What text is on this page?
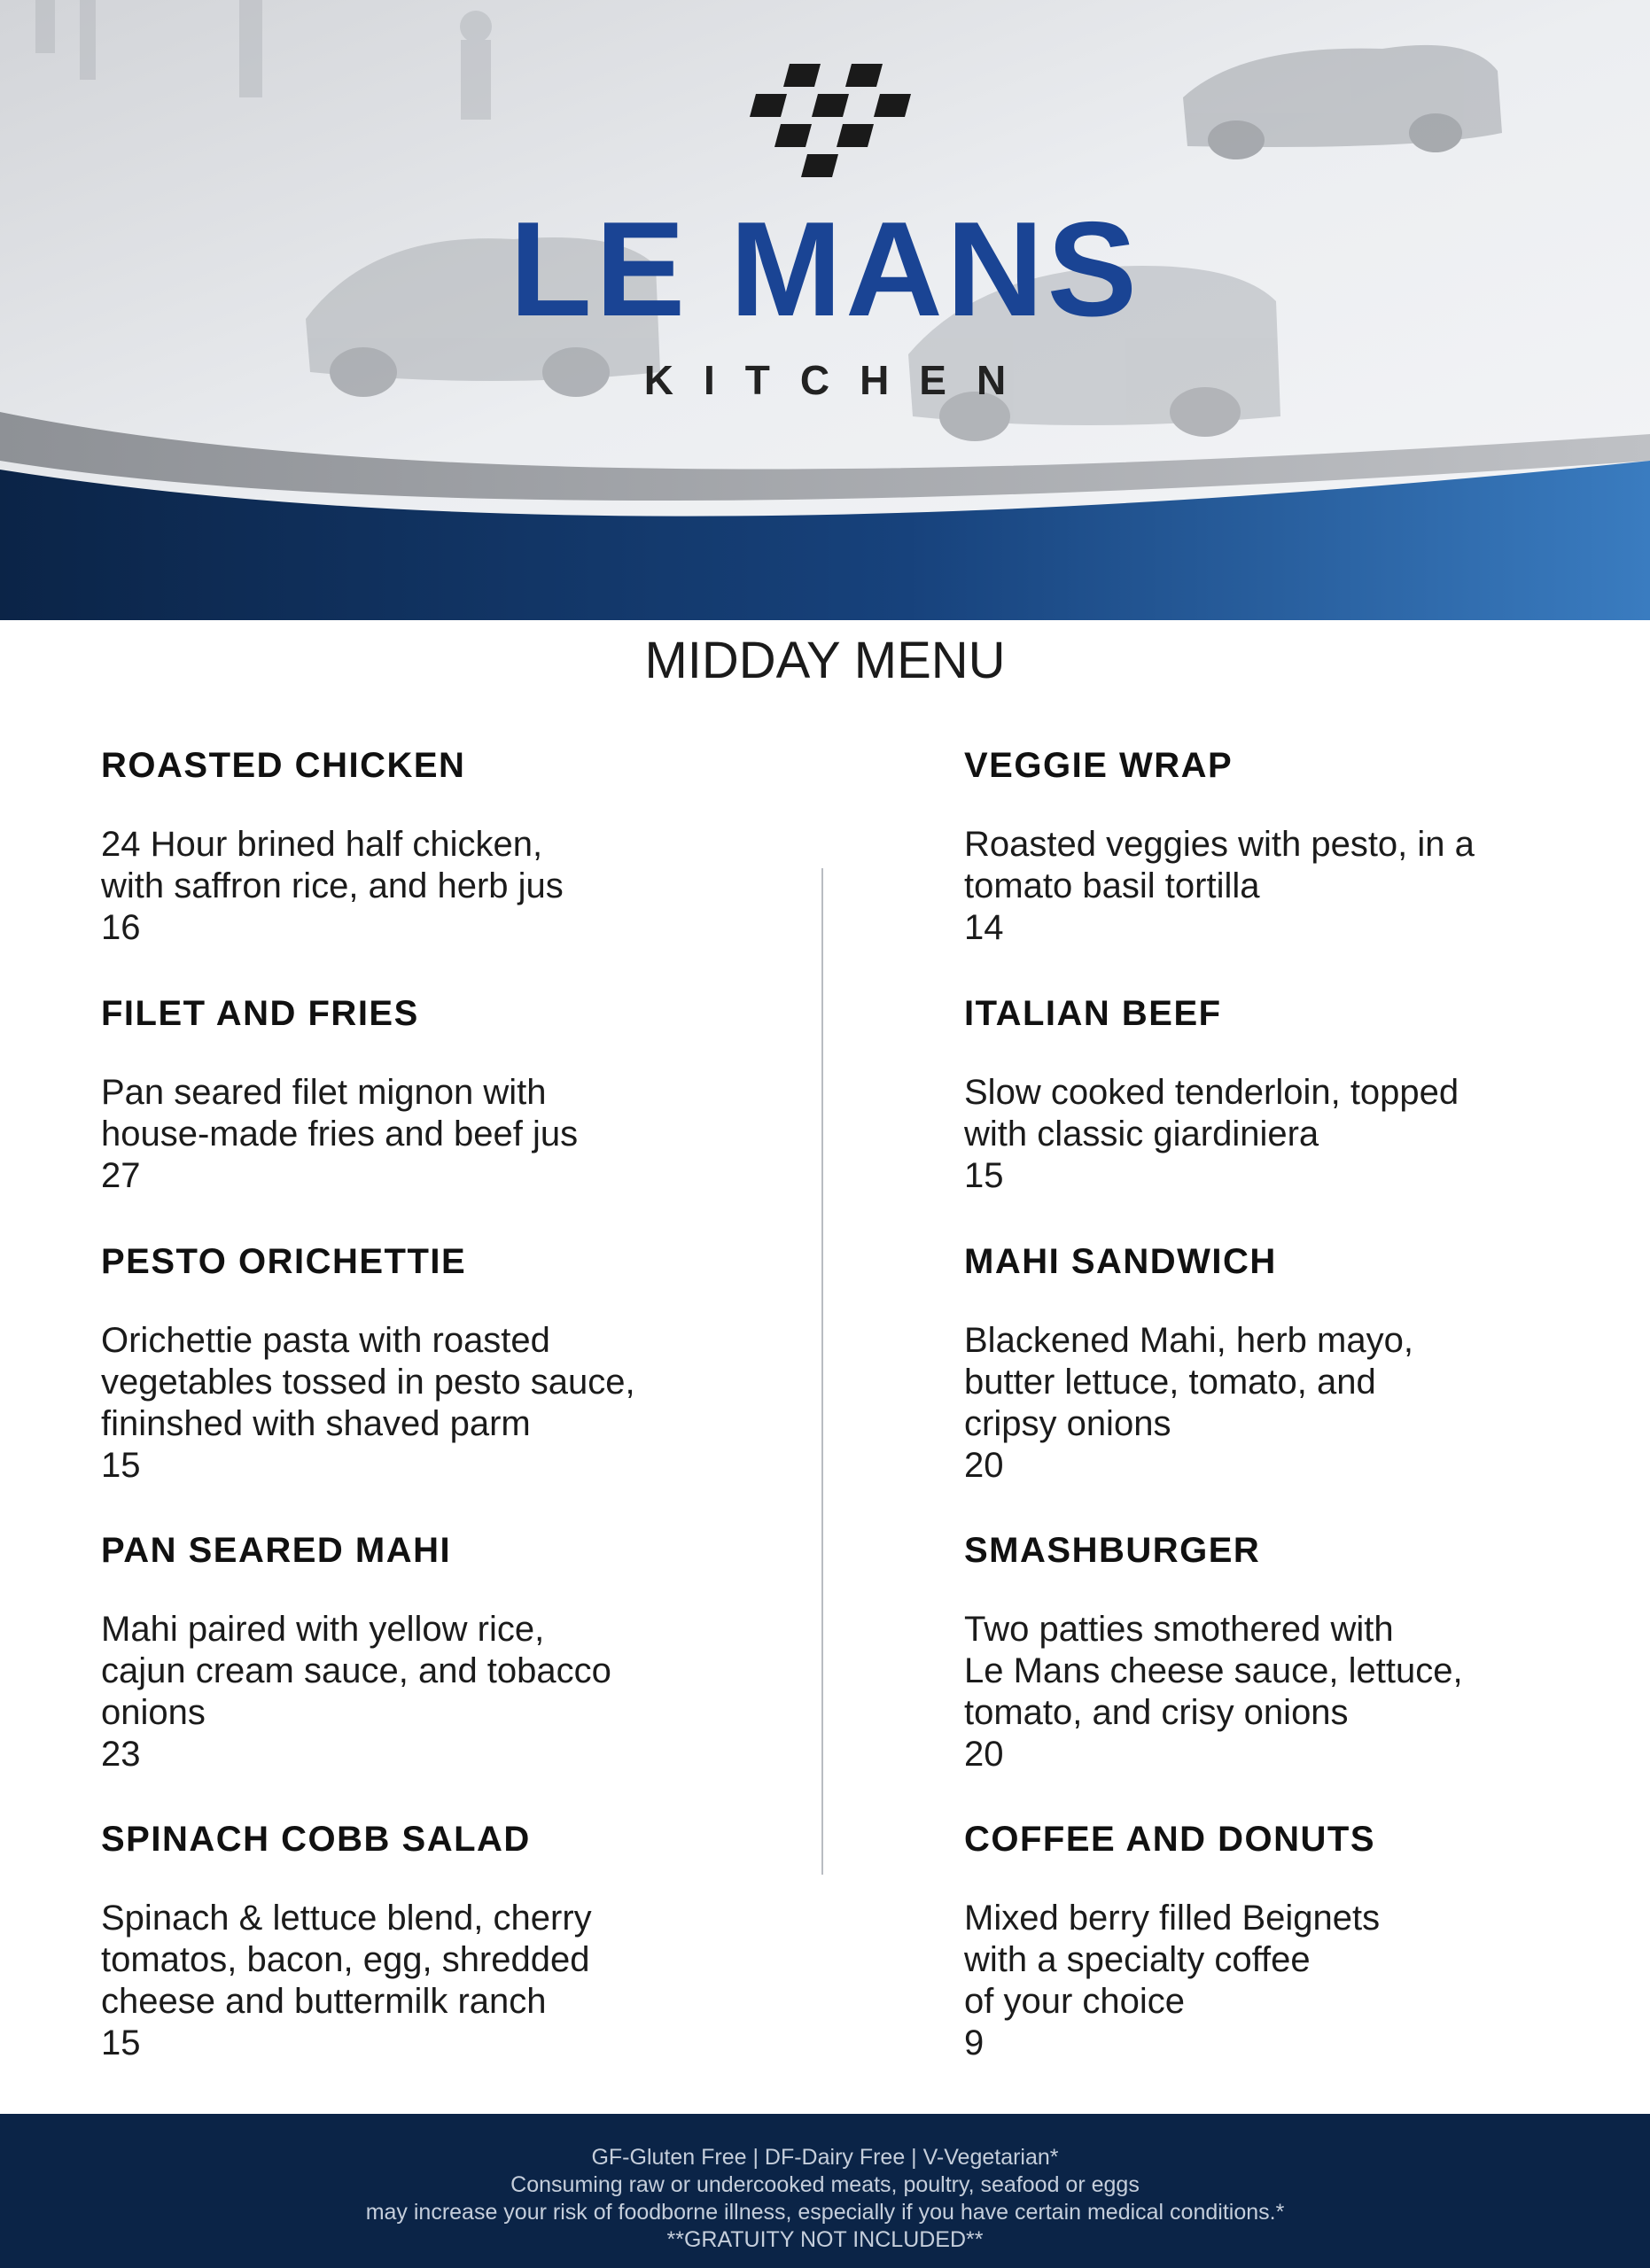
LE MANS
KITCHEN
MIDDAY MENU
ROASTED CHICKEN
24 Hour brined half chicken,
with saffron rice, and herb jus
16
FILET AND FRIES
Pan seared filet mignon with
house-made fries and beef jus
27
PESTO ORICHETTIE
Orichettie pasta with roasted
vegetables tossed in pesto sauce,
fininshed with shaved parm
15
PAN SEARED MAHI
Mahi paired with yellow rice,
cajun cream sauce, and tobacco
onions
23
SPINACH COBB SALAD
Spinach & lettuce blend, cherry
tomatos, bacon, egg, shredded
cheese and buttermilk ranch
15
VEGGIE WRAP
Roasted veggies with pesto, in a
tomato basil tortilla
14
ITALIAN BEEF
Slow cooked tenderloin, topped
with classic giardiniera
15
MAHI SANDWICH
Blackened Mahi, herb mayo,
butter lettuce, tomato, and
cripsy onions
20
SMASHBURGER
Two patties smothered with
Le Mans cheese sauce, lettuce,
tomato, and crisy onions
20
COFFEE AND DONUTS
Mixed berry filled Beignets
with a specialty coffee
of your choice
9
GF-Gluten Free | DF-Dairy Free | V-Vegetarian*
Consuming raw or undercooked meats, poultry, seafood or eggs
may increase your risk of foodborne illness, especially if you have certain medical conditions.*
**GRATUITY NOT INCLUDED**
